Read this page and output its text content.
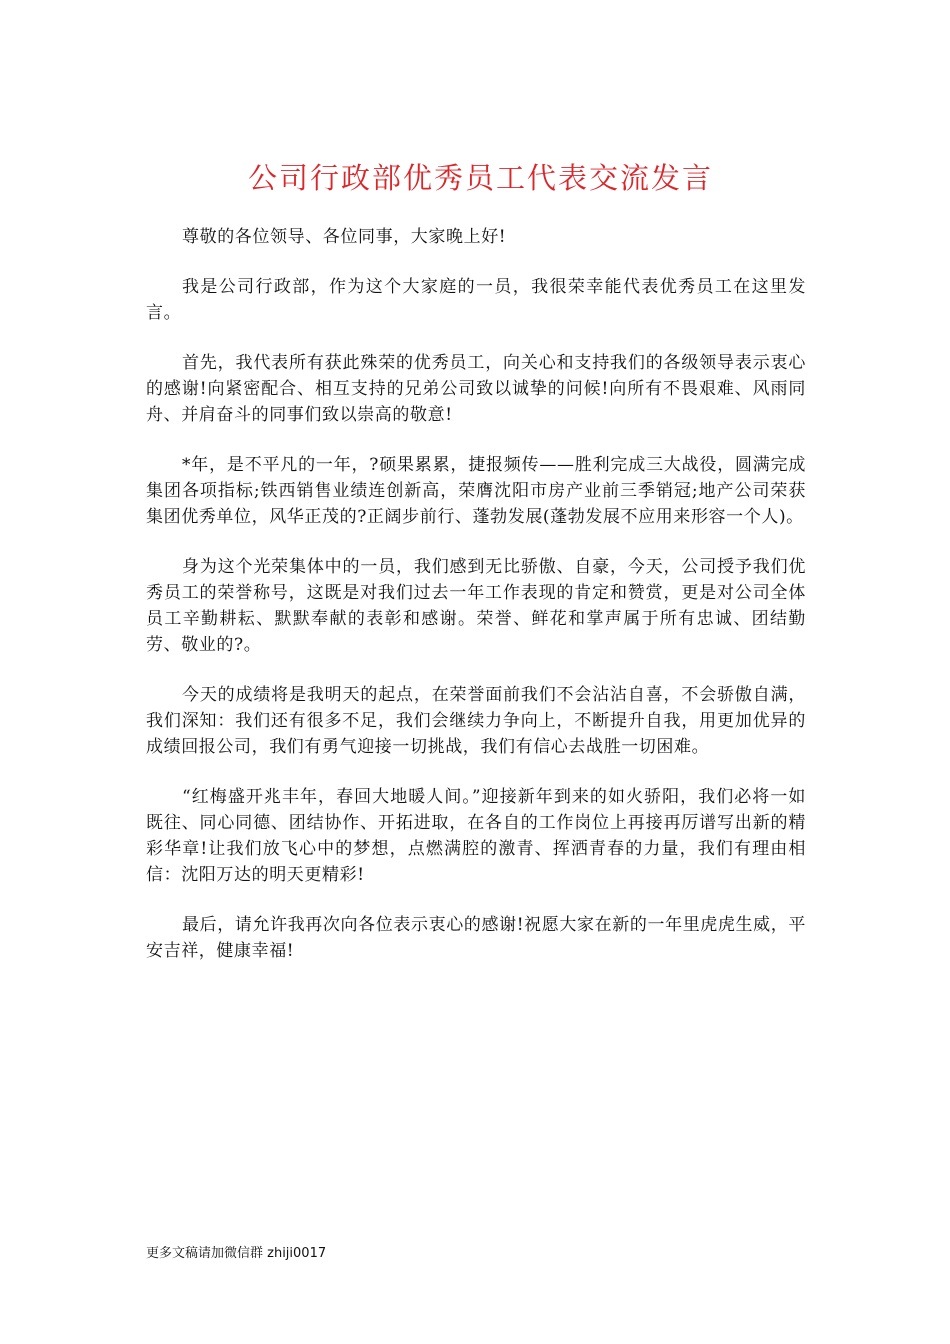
公司行政部优秀员工代表交流发言

尊敬的各位领导、各位同事，大家晚上好!

我是公司行政部，作为这个大家庭的一员，我很荣幸能代表优秀员工在这里发言。

首先，我代表所有获此殊荣的优秀员工，向关心和支持我们的各级领导表示衷心的感谢!向紧密配合、相互支持的兄弟公司致以诚挚的问候!向所有不畏艰难、风雨同舟、并肩奋斗的同事们致以崇高的敬意!

*年，是不平凡的一年，?硕果累累，捷报频传——胜利完成三大战役，圆满完成集团各项指标;铁西销售业绩连创新高，荣膺沈阳市房产业前三季销冠;地产公司荣获集团优秀单位，风华正茂的?正阔步前行、蓬勃发展(蓬勃发展不应用来形容一个人)。

身为这个光荣集体中的一员，我们感到无比骄傲、自豪，今天，公司授予我们优秀员工的荣誉称号，这既是对我们过去一年工作表现的肯定和赞赏，更是对公司全体员工辛勤耕耘、默默奉献的表彰和感谢。荣誉、鲜花和掌声属于所有忠诚、团结勤劳、敬业的?。

今天的成绩将是我明天的起点，在荣誉面前我们不会沾沾自喜，不会骄傲自满，我们深知：我们还有很多不足，我们会继续力争向上，不断提升自我，用更加优异的成绩回报公司，我们有勇气迎接一切挑战，我们有信心去战胜一切困难。

“红梅盛开兆丰年，春回大地暖人间。”迎接新年到来的如火骄阳，我们必将一如既往、同心同德、团结协作、开拓进取，在各自的工作岗位上再接再厉谱写出新的精彩华章!让我们放飞心中的梦想，点燃满腔的激青、挥洒青春的力量，我们有理由相信：沈阳万达的明天更精彩!

最后，请允许我再次向各位表示衷心的感谢!祝愿大家在新的一年里虎虎生威，平安吉祥，健康幸福!

更多文稿请加微信群 zhiji0017
